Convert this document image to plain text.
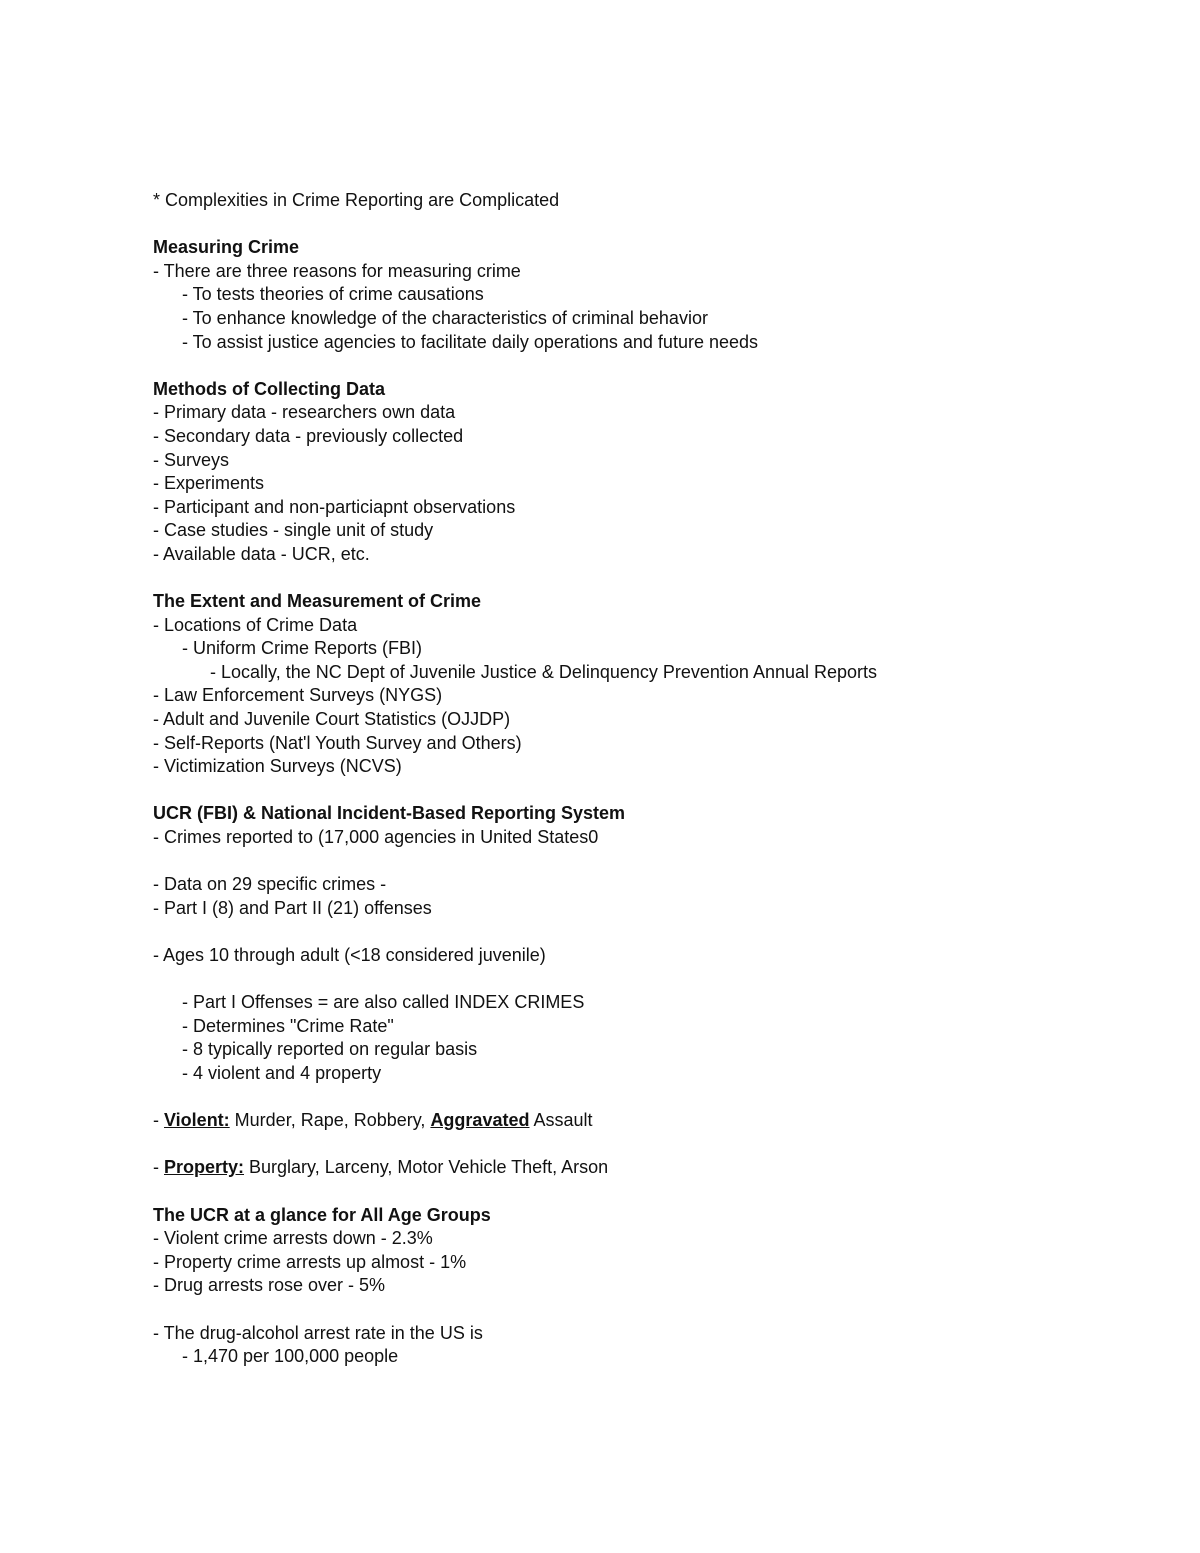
* Complexities in Crime Reporting are Complicated
Measuring Crime
- There are three reasons for measuring crime
- To tests theories of crime causations
- To enhance knowledge of the characteristics of criminal behavior
- To assist justice agencies to facilitate daily operations and future needs
Methods of Collecting Data
- Primary data - researchers own data
- Secondary data - previously collected
- Surveys
- Experiments
- Participant and non-particiapnt observations
- Case studies - single unit of study
- Available data - UCR, etc.
The Extent and Measurement of Crime
- Locations of Crime Data
- Uniform Crime Reports (FBI)
- Locally, the NC Dept of Juvenile Justice & Delinquency Prevention Annual Reports
- Law Enforcement Surveys (NYGS)
- Adult and Juvenile Court Statistics (OJJDP)
- Self-Reports (Nat'l Youth Survey and Others)
- Victimization Surveys (NCVS)
UCR (FBI) & National Incident-Based Reporting System
- Crimes reported to (17,000 agencies in United States0
- Data on 29 specific crimes -
- Part I (8) and Part II (21) offenses
- Ages 10 through adult (<18 considered juvenile)
- Part I Offenses = are also called INDEX CRIMES
- Determines "Crime Rate"
- 8 typically reported on regular basis
- 4 violent and 4 property
- Violent: Murder, Rape, Robbery, Aggravated Assault
- Property: Burglary, Larceny, Motor Vehicle Theft, Arson
The UCR at a glance for All Age Groups
- Violent crime arrests down - 2.3%
- Property crime arrests up almost - 1%
- Drug arrests rose over - 5%
- The drug-alcohol arrest rate in the US is
- 1,470 per 100,000 people
